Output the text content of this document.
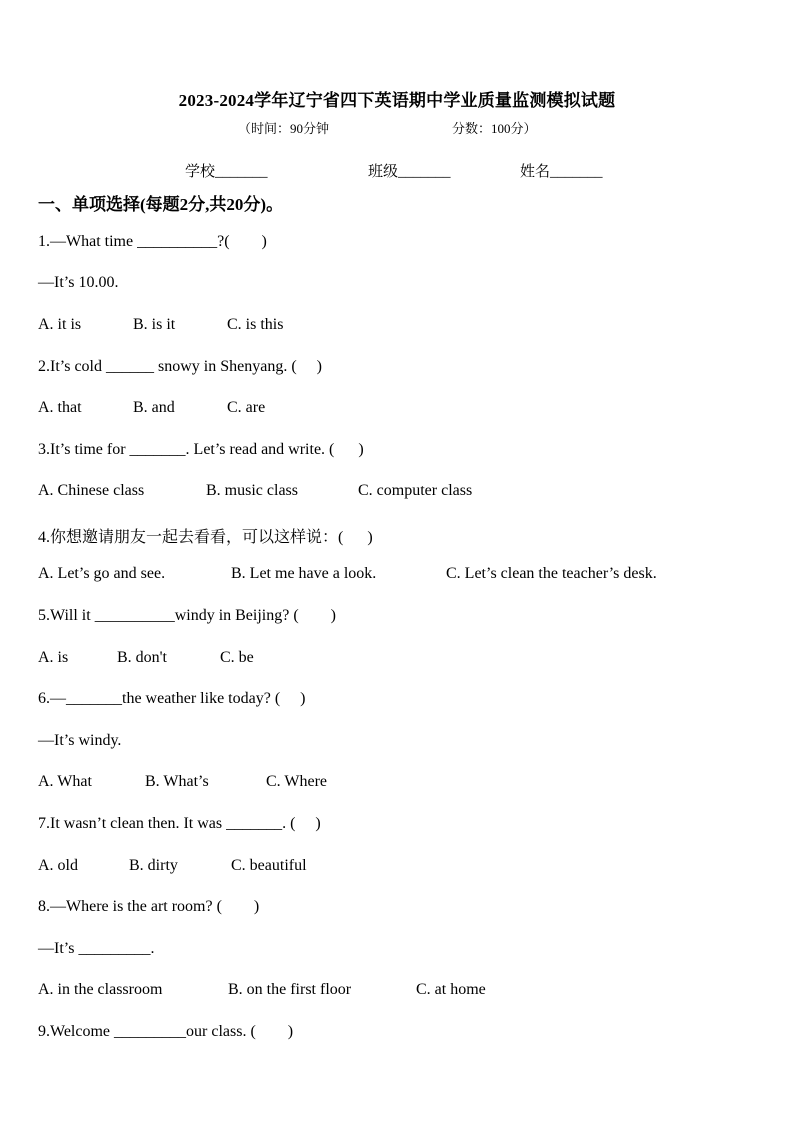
2023-2024学年辽宁省四下英语期中学业质量监测模拟试题
（时间：90分钟	分数：100分）
学校_______	班级_______	姓名_______
一、单项选择(每题2分,共20分)。
1.—What time __________?(        )
—It’s 10.00.

A. it is

	B. is it

	C. is this

2.It’s cold ______ snowy in Shenyang. (     )

A. that

	B. and

	C. are

3.It’s time for _______. Let’s read and write. (      )

A. Chinese class

	B. music class

	C. computer class

4.你想邀请朋友一起去看看，可以这样说：(      )

A. Let’s go and see.

	B. Let me have a look.

	C. Let’s clean the teacher’s desk.

5.Will it __________windy in Beijing? (        )

A. is

	B. don't

	C. be

6.—_______the weather like today? (     )
—It’s windy.

A. What

	B. What’s

	C. Where

7.It wasn’t clean then. It was _______. (     )

A. old

	B. dirty

	C. beautiful

8.—Where is the art room? (        )
—It’s _________.

A. in the classroom

	B. on the first floor

	C. at home

9.Welcome _________our class. (        )
